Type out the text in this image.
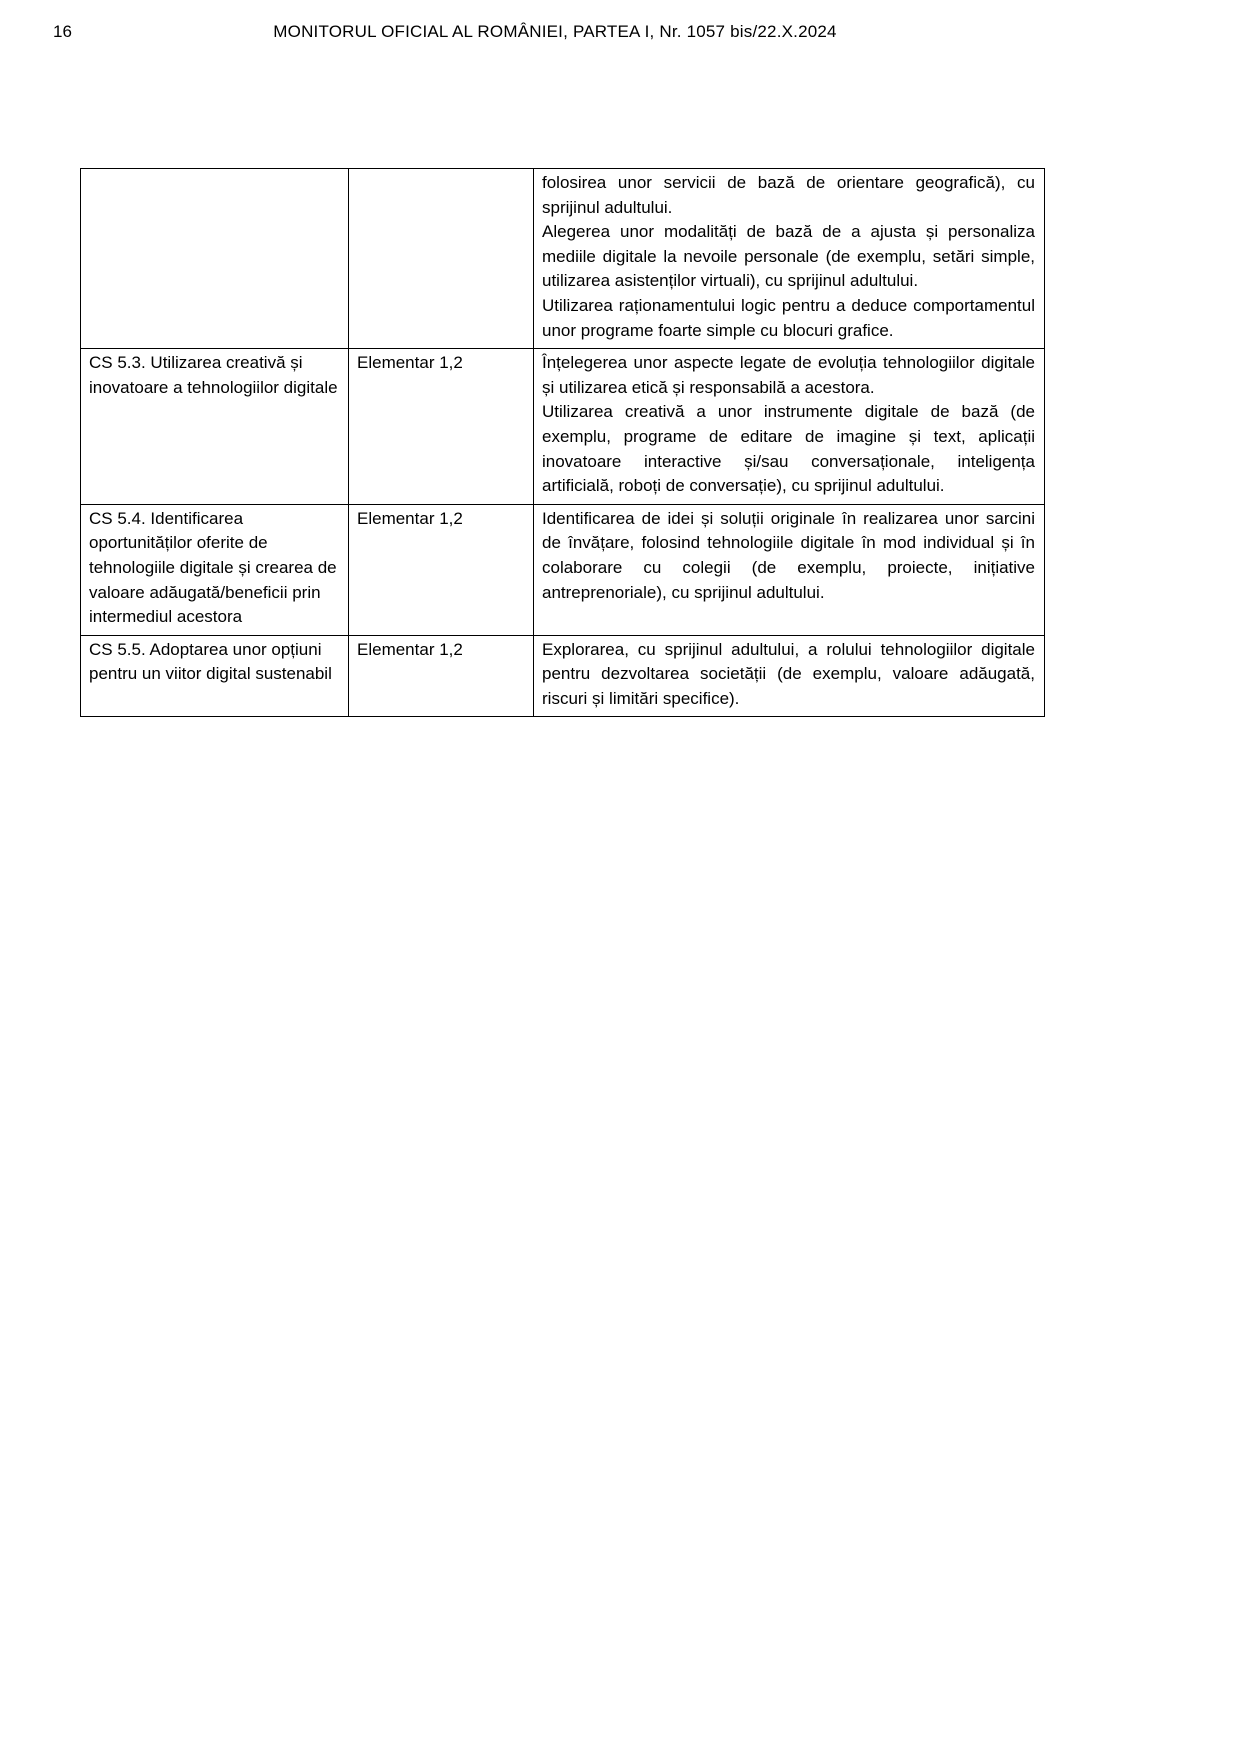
16	MONITORUL OFICIAL AL ROMÂNIEI, PARTEA I, Nr. 1057 bis/22.X.2024

		folosirea unor servicii de bază de orientare geografică), cu sprijinul adultului.

Alegerea unor modalități de bază de a ajusta și personaliza mediile digitale la nevoile personale (de exemplu, setări simple, utilizarea asistenților virtuali), cu sprijinul adultului.

Utilizarea raționamentului logic pentru a deduce comportamentul unor programe foarte simple cu blocuri grafice.

CS 5.3. Utilizarea creativă și inovatoare a tehnologiilor digitale	Elementar 1,2	Înțelegerea unor aspecte legate de evoluția tehnologiilor digitale și utilizarea etică și responsabilă a acestora.

Utilizarea creativă a unor instrumente digitale de bază (de exemplu, programe de editare de imagine și text, aplicații inovatoare interactive și/sau conversaționale, inteligența artificială, roboți de conversație), cu sprijinul adultului.

CS 5.4. Identificarea oportunităților oferite de tehnologiile digitale și crearea de valoare adăugată/beneficii prin intermediul acestora	Elementar 1,2	Identificarea de idei și soluții originale în realizarea unor sarcini de învățare, folosind tehnologiile digitale în mod individual și în colaborare cu colegii (de exemplu, proiecte, inițiative antreprenoriale), cu sprijinul adultului.

CS 5.5. Adoptarea unor opțiuni pentru un viitor digital sustenabil	Elementar 1,2	Explorarea, cu sprijinul adultului, a rolului tehnologiilor digitale pentru dezvoltarea societății (de exemplu, valoare adăugată, riscuri și limitări specifice).
